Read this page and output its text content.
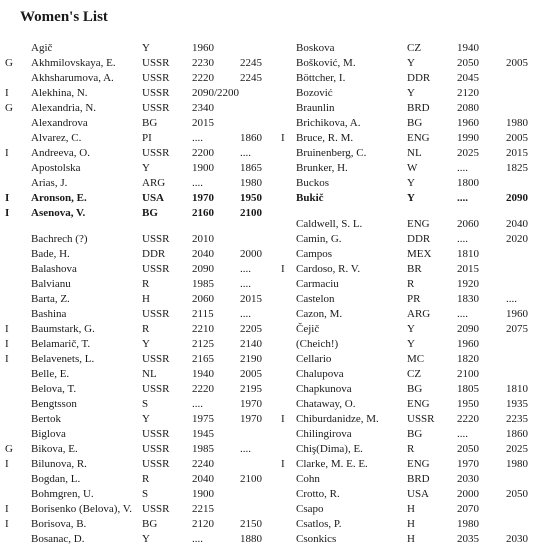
Women's List
Agič	Y	1960
G Akhmilovskaya, E. USSR 2230 2245
Akhsharumova, A.	USSR 2220 2245
I Alekhina, N.	USSR 2090/2200
G Alexandria, N.	USSR 2340
Alexandrova	BG	2015
Alvarez, C.	PI	....	1860
I Andreeva, O.	USSR 2200 ....
Apostolska	Y	1900 1865
Arias, J.	ARG ....	1980
I Aronson, E.	USA	1970 1950
I Asenova, V.	BG	2160 2100
Bachrech (?)	USSR 2010
Bade, H.	DDR 2040 2000
Balashova	USSR 2090 ....
Balvianu	R	1985 ....
Barta, Z.	H	2060 2015
Bashina	USSR 2115 ....
I Baumstark, G.	R	2210 2205
I Belamarič, T.	Y	2125 2140
I Belavenets, L.	USSR 2165 2190
Belle, E.	NL	1940 2005
Belova, T.	USSR 2220 2195
Bengtsson	S	....	1970
Bertok	Y	1975 1970
Biglova	USSR 1945
G Bikova, E.	USSR 1985 ....
I Bilunova, R.	USSR 2240
Bogdan, L.	R	2040 2100
Bohmgren, U.	S	1900
I Borisenko (Belova), V. USSR 2215
I Borisova, B.	BG	2120 2150
Bosanac, D.	Y	....	1880
Boskova	CZ	1940
Bošković, M.	Y	2050 2005
Böttcher, I.	DDR 2045
Bozović	Y	2120
Braunlin	BRD 2080
Brichikova, A.	BG	1960 1980
I Bruce, R. M.	ENG 1990 2005
Bruinenberg, C.	NL	2025 2015
Brunker, H.	W	....	1825
Buckos	Y	1800
Bukič	Y	....	2090
Caldwell, S. L.	ENG 2060 2040
Camin, G.	DDR ....	2020
Campos	MEX 1810
I Cardoso, R. V.	BR	2015
Carmaciu	R	1920
Castelon	PR	1830 ....
Cazon, M.	ARG ....	1960
Čejič	Y	2090 2075
(Cheich!)	Y	1960
Cellario	MC	1820
Chalupova	CZ	2100
Chapkunova	BG	1805 1810
Chataway, O.	ENG 1950 1935
I Chiburdanidze, M.	USSR 2220 2235
Chilingirova	BG	....	1860
Chiş(Dima), E.	R	2050 2025
I Clarke, M. E. E.	ENG 1970 1980
Cohn	BRD 2030
Crotto, R.	USA	2000 2050
Csapo	H	2070
Csatlos, P.	H	1980
Csonkics	H	2035 2030
